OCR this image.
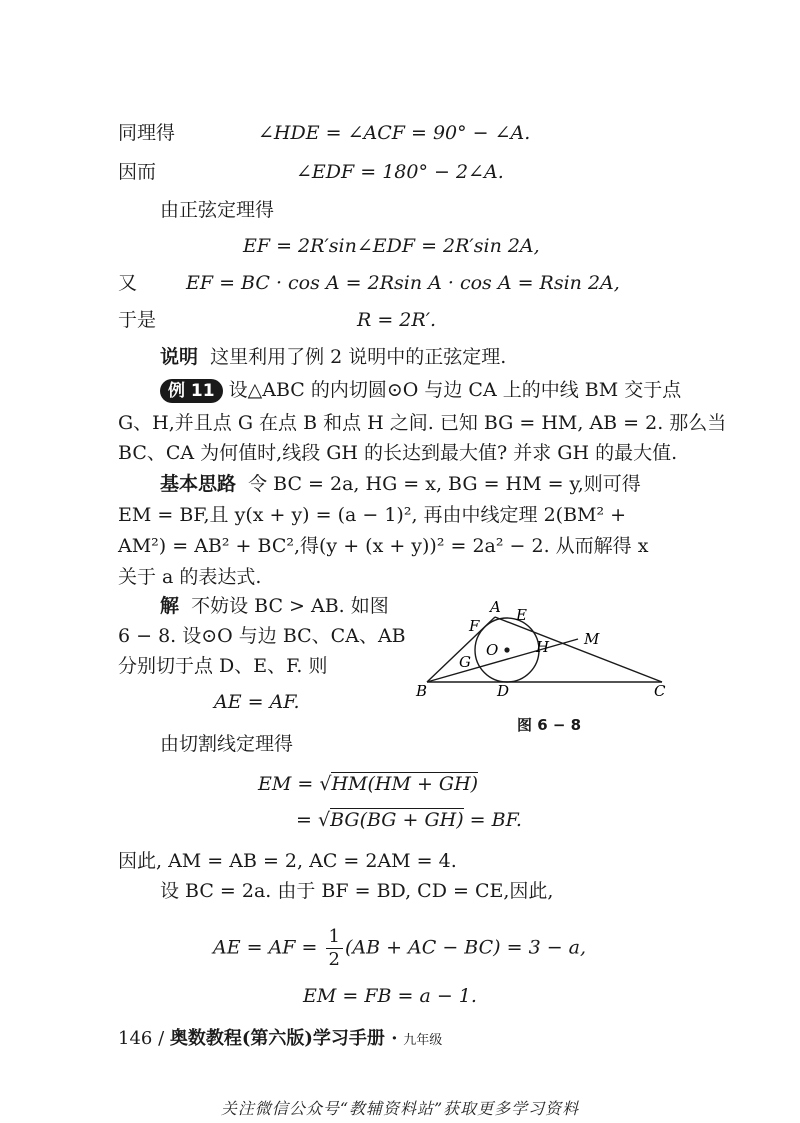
同理得	∠HDE = ∠ACF = 90° − ∠A.
因而	∠EDF = 180° − 2∠A.
由正弦定理得
EF = 2R′sin∠EDF = 2R′sin 2A,
又	EF = BC · cos A = 2Rsin A · cos A = Rsin 2A,
于是	R = 2R′.
说明 这里利用了例 2 说明中的正弦定理.
例 11 设△ABC 的内切圆⊙O 与边 CA 上的中线 BM 交于点
G、H,并且点 G 在点 B 和点 H 之间. 已知 BG = HM, AB = 2. 那么当
BC、CA 为何值时,线段 GH 的长达到最大值? 并求 GH 的最大值.
基本思路 令 BC = 2a, HG = x, BG = HM = y,则可得
EM = BF,且 y(x + y) = (a − 1)², 再由中线定理 2(BM² +
AM²) = AB² + BC²,得(y + (x + y))² = 2a² − 2. 从而解得 x
关于 a 的表达式.
解 不妨设 BC > AB. 如图
6 − 8. 设⊙O 与边 BC、CA、AB
分别切于点 D、E、F. 则
AE = AF.
A E
F
M
O	H
G
B	D	C
图 6 − 8
由切割线定理得
EM = √HM(HM + GH)
= √BG(BG + GH) = BF.
因此, AM = AB = 2, AC = 2AM = 4.
设 BC = 2a. 由于 BF = BD, CD = CE,因此,
AE = AF = $\frac{1}{2} (AB$ + AC − BC) = 3 − a,
EM = FB = a − 1.
146 / 奥数教程(第六版)学习手册 · 九年级
关注微信公众号“教辅资料站”获取更多学习资料
